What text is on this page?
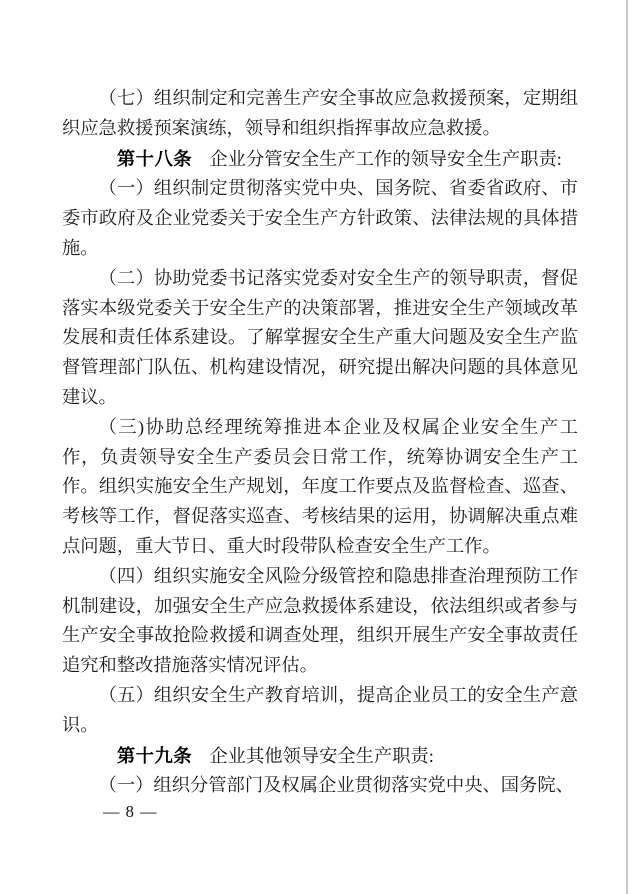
（七）组织制定和完善生产安全事故应急救援预案，定期组织应急救援预案演练，领导和组织指挥事故应急救援。

第十八条 企业分管安全生产工作的领导安全生产职责:

（一）组织制定贯彻落实党中央、国务院、省委省政府、市委市政府及企业党委关于安全生产方针政策、法律法规的具体措施。

（二）协助党委书记落实党委对安全生产的领导职责，督促落实本级党委关于安全生产的决策部署，推进安全生产领域改革发展和责任体系建设。了解掌握安全生产重大问题及安全生产监督管理部门队伍、机构建设情况，研究提出解决问题的具体意见建议。

（三)协助总经理统筹推进本企业及权属企业安全生产工作，负责领导安全生产委员会日常工作，统筹协调安全生产工作。组织实施安全生产规划，年度工作要点及监督检查、巡查、考核等工作，督促落实巡查、考核结果的运用，协调解决重点难点问题，重大节日、重大时段带队检查安全生产工作。

（四）组织实施安全风险分级管控和隐患排查治理预防工作机制建设，加强安全生产应急救援体系建设，依法组织或者参与生产安全事故抢险救援和调查处理，组织开展生产安全事故责任追究和整改措施落实情况评估。

（五）组织安全生产教育培训，提高企业员工的安全生产意识。

第十九条 企业其他领导安全生产职责:

（一）组织分管部门及权属企业贯彻落实党中央、国务院、

— 8 —
